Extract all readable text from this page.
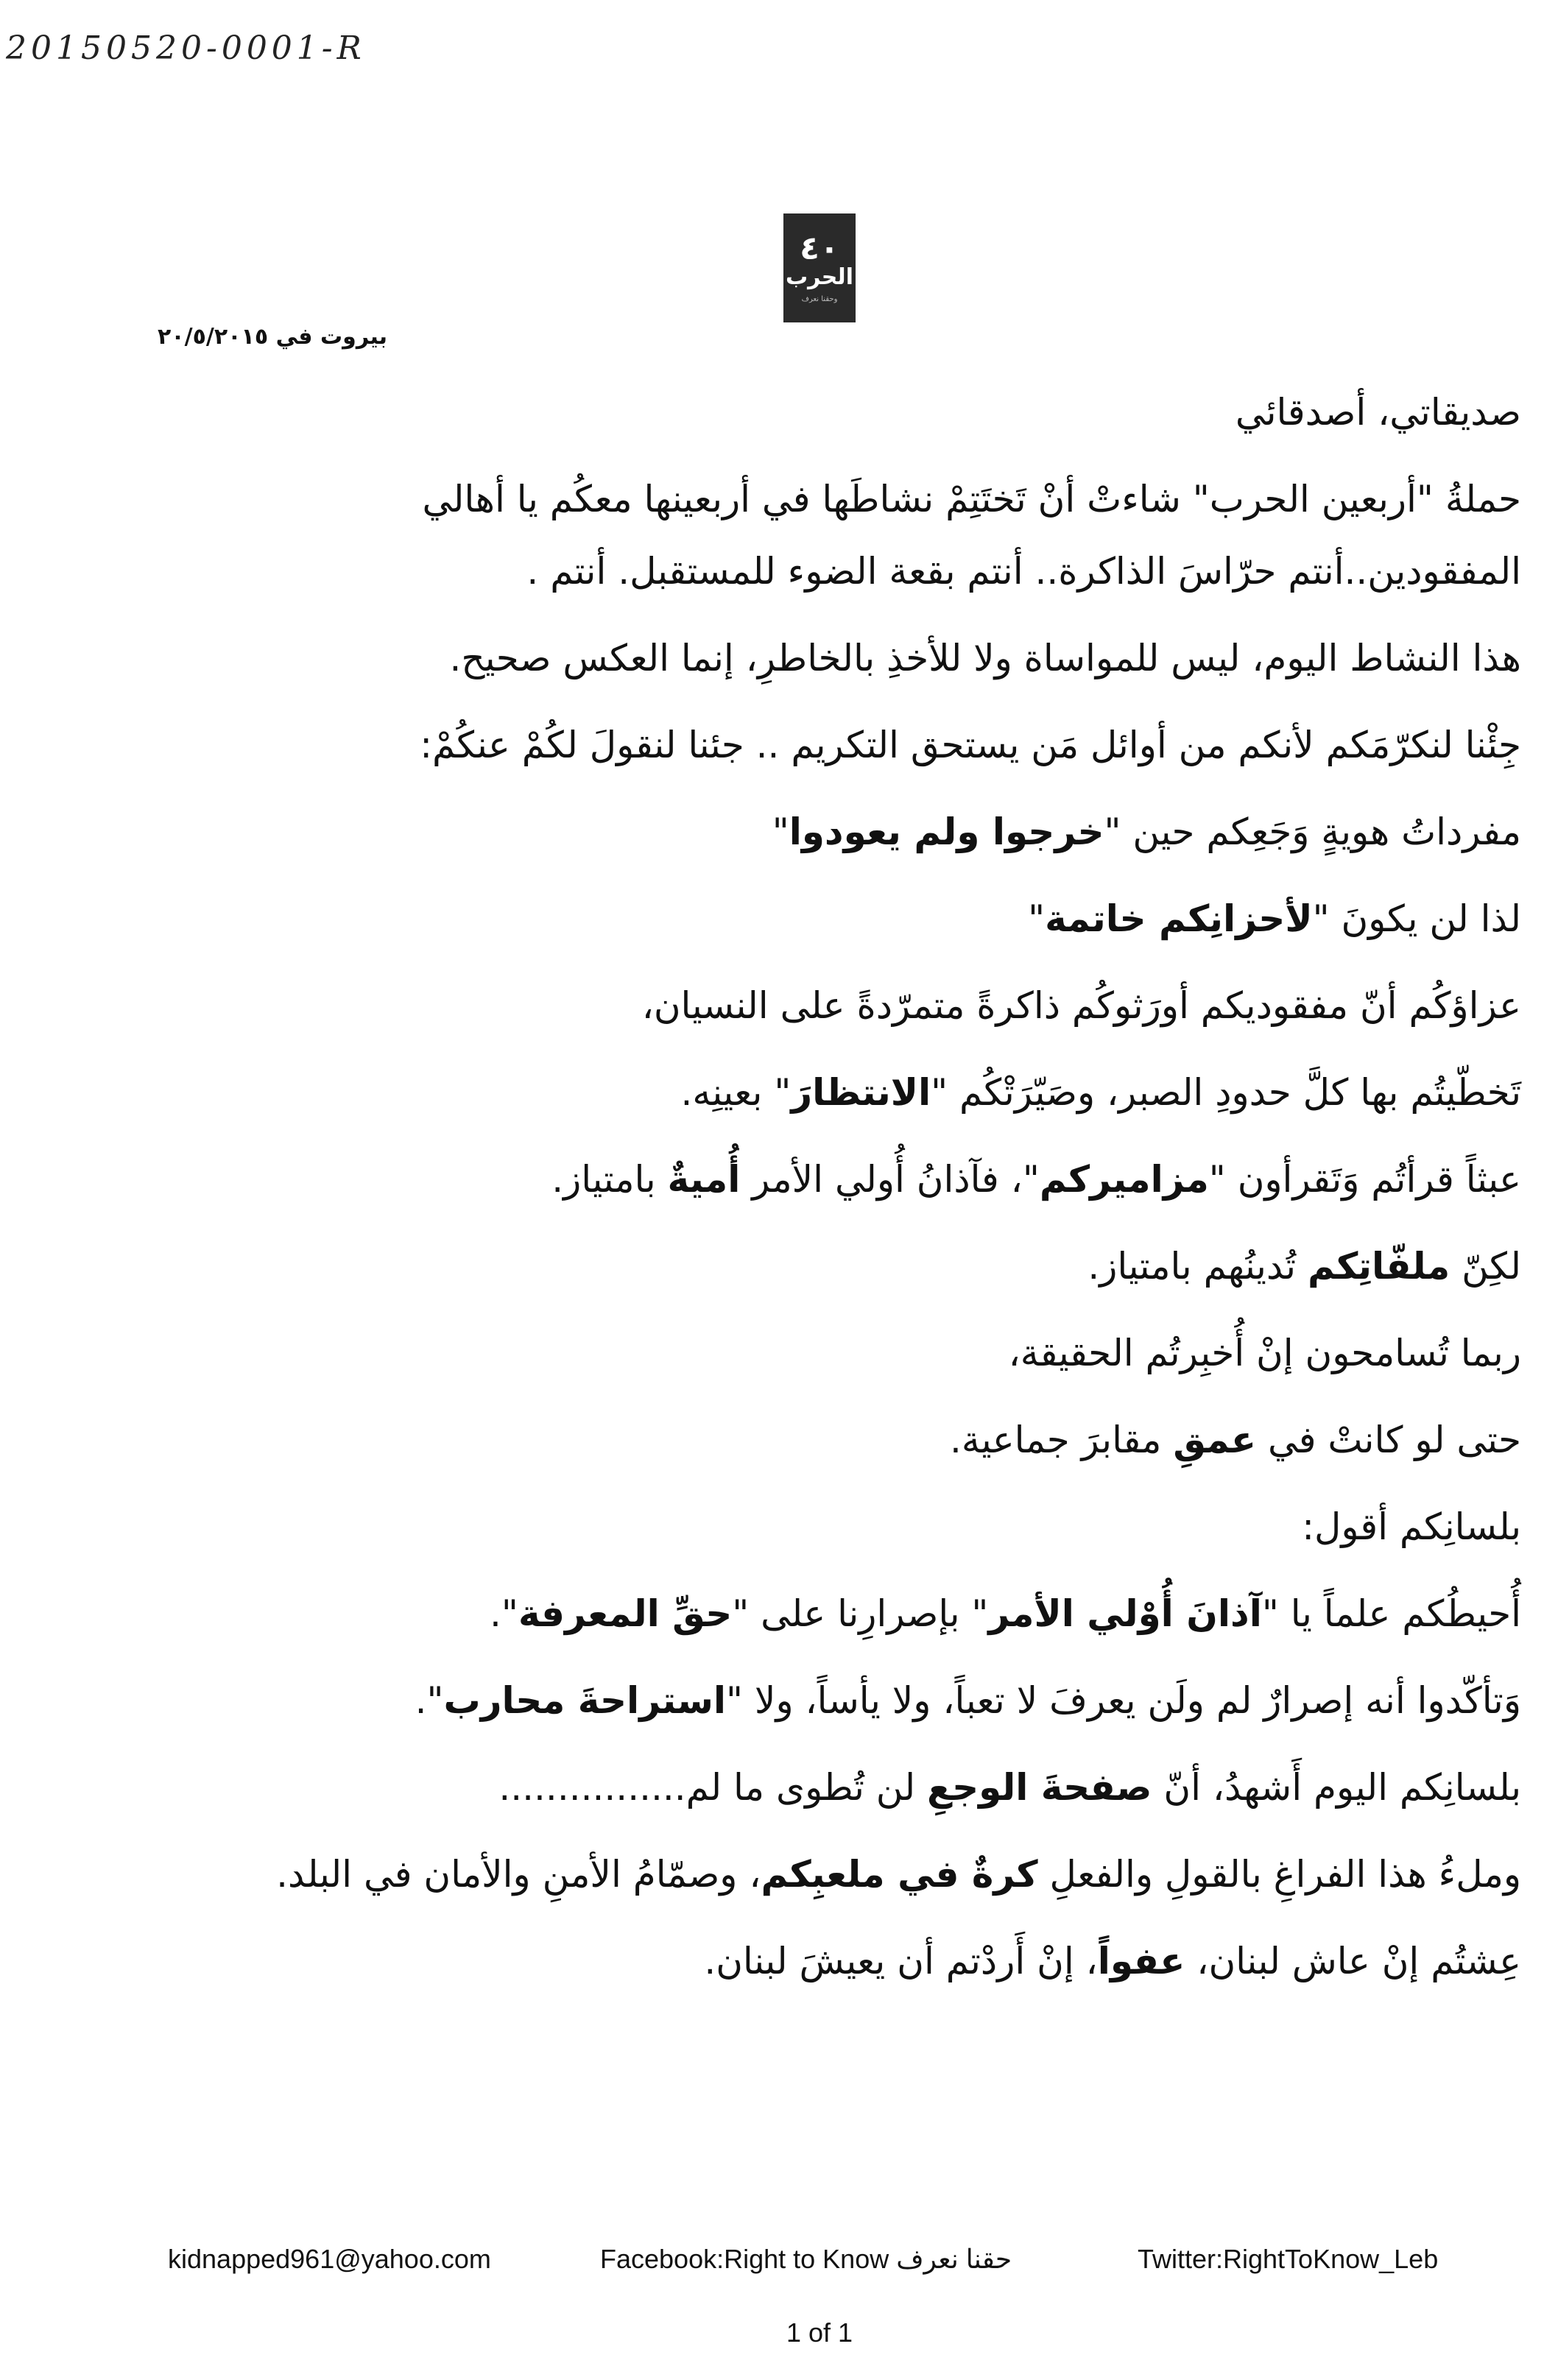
20150520-0001-R
٤٠
الحرب
وحقنا نعرف
بيروت في ٢٠/٥/٢٠١٥
صديقاتي، أصدقائي
حملةُ "أربعين الحرب" شاءتْ أنْ تَختَتِمْ نشاطَها في أربعينها معكُم يا أهالي
المفقودين..أنتم حرّاسَ الذاكرة.. أنتم بقعة الضوء للمستقبل. أنتم .
هذا النشاط اليوم، ليس للمواساة ولا للأخذِ بالخاطرِ، إنما العكس صحيح.
جِئْنا لنكرّمَكم لأنكم من أوائل مَن يستحق التكريم .. جئنا لنقولَ لكُمْ عنكُمْ:
مفرداتُ هويةٍ وَجَعِكم حين "خرجوا ولم يعودوا"
لذا لن يكونَ "لأحزانِكم خاتمة"
عزاؤكُم أنّ مفقوديكم أورَثوكُم ذاكرةً متمرّدةً على النسيان،
تَخطّيتُم بها كلَّ حدودِ الصبر، وصَيّرَتْكُم "الانتظارَ" بعينِه.
عبثاً قرأتُم وَتَقرأون "مزاميركم"، فآذانُ أُولي الأمر أُميةٌ بامتياز.
لكِنّ ملفّاتِكم تُدينُهم بامتياز.
ربما تُسامحون إنْ أُخبِرتُم الحقيقة،
حتى لو كانتْ في عمقِ مقابرَ جماعية.
بلسانِكم أقول:
أُحيطُكم علماً يا "آذانَ أُوْلي الأمر" بإصرارِنا على "حقِّ المعرفة".
وَتأكّدوا أنه إصرارٌ لم ولَن يعرفَ لا تعباً، ولا يأساً، ولا "استراحةَ محارب".
بلسانِكم اليوم أَشهدُ، أنّ صفحةَ الوجعِ لن تُطوى ما لم................
وملءُ هذا الفراغِ بالقولِ والفعلِ كرةٌ في ملعبِكم، وصمّامُ الأمنِ والأمان في البلد.
عِشتُم إنْ عاش لبنان، عفواً، إنْ أَردْتم أن يعيشَ لبنان.
kidnapped961@yahoo.com	Facebook:Right to Know حقنا نعرف	Twitter:RightToKnow_Leb
1 of 1
